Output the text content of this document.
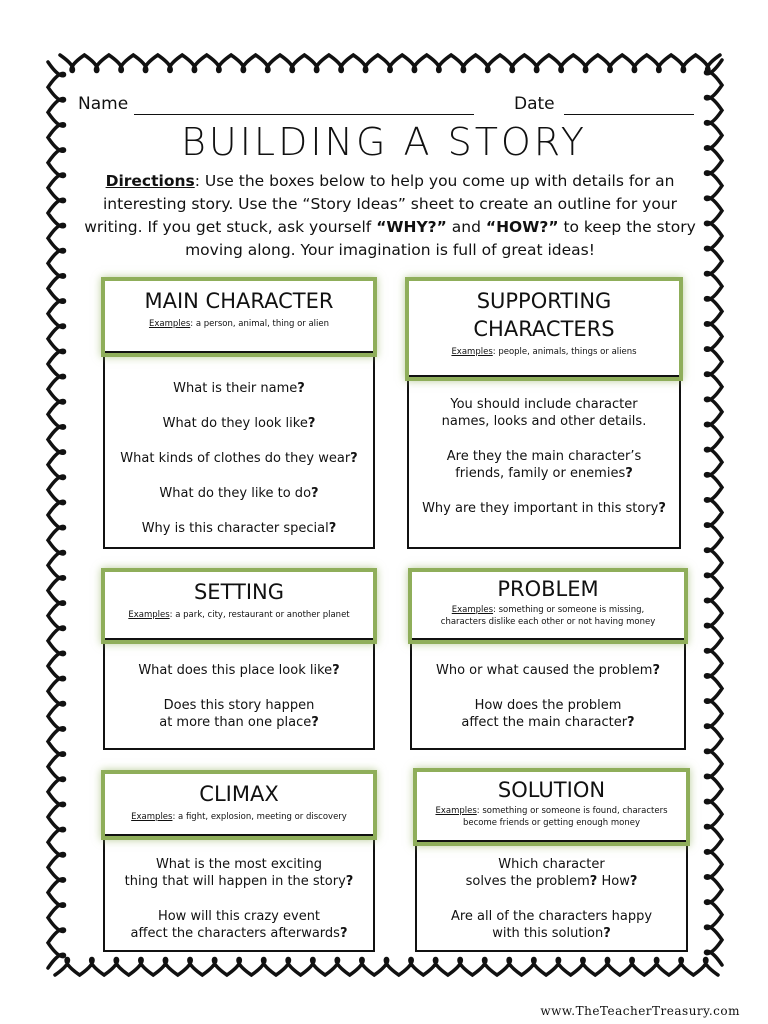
Name	Date
BUILDING A STORY
Directions: Use the boxes below to help you come up with details for an interesting story. Use the “Story Ideas” sheet to create an outline for your writing. If you get stuck, ask yourself “WHY?” and “HOW?” to keep the story moving along. Your imagination is full of great ideas!
MAIN CHARACTER
Examples: a person, animal, thing or alien

What is their name?

What do they look like?

What kinds of clothes do they wear?

What do they like to do?

Why is this character special?

SUPPORTING
CHARACTERS
Examples: people, animals, things or aliens

You should include character

names, looks and other details.

Are they the main character’s

friends, family or enemies?

Why are they important in this story?

SETTING
Examples: a park, city, restaurant or another planet

What does this place look like?

Does this story happen

at more than one place?

PROBLEM
Examples: something or someone is missing,
characters dislike each other or not having money

Who or what caused the problem?

How does the problem

affect the main character?

CLIMAX
Examples: a fight, explosion, meeting or discovery

What is the most exciting

thing that will happen in the story?

How will this crazy event

affect the characters afterwards?

SOLUTION
Examples: something or someone is found, characters
become friends or getting enough money

Which character

solves the problem? How?

Are all of the characters happy

with this solution?

www.TheTeacherTreasury.com
